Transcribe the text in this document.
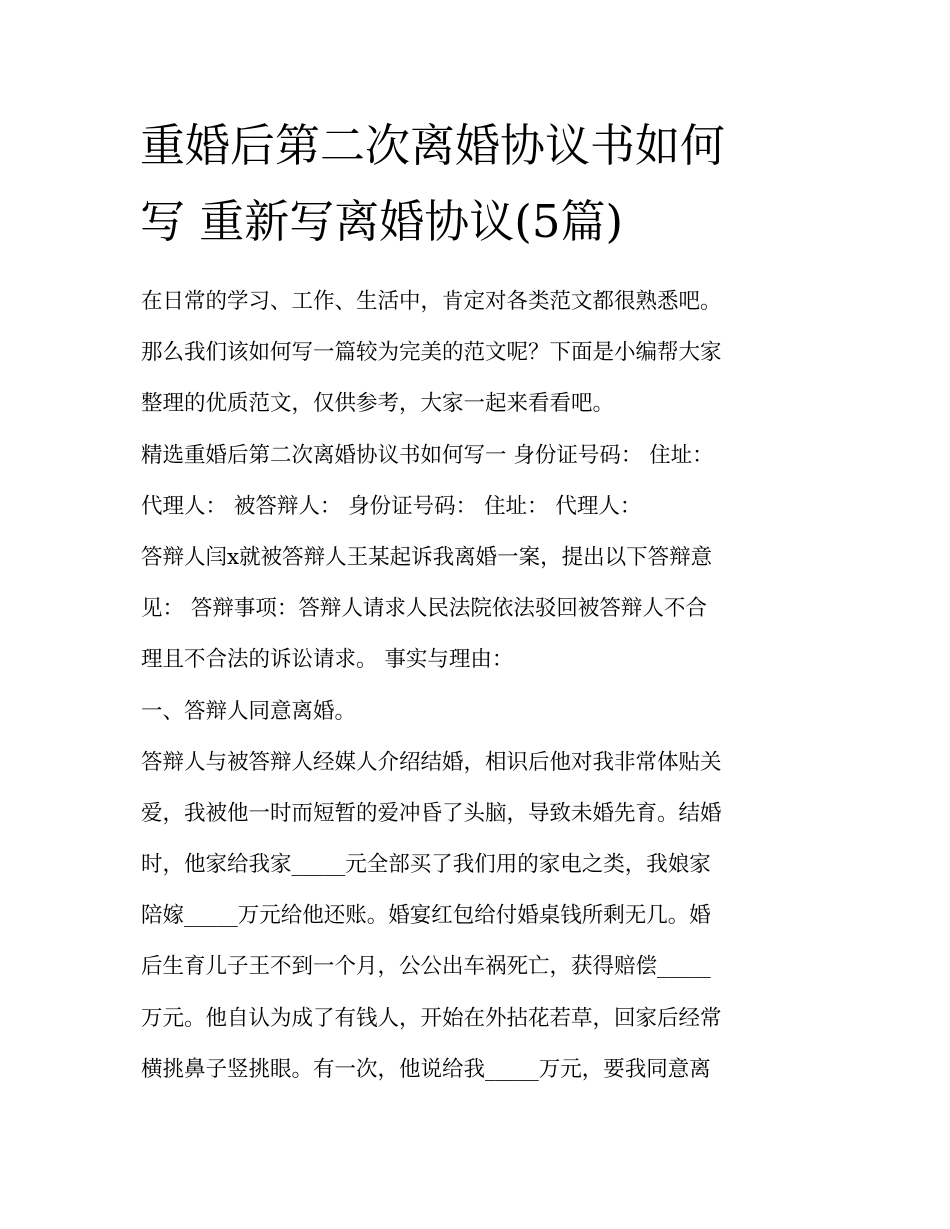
重婚后第二次离婚协议书如何
写 重新写离婚协议(5篇)
在日常的学习、工作、生活中，肯定对各类范文都很熟悉吧。
那么我们该如何写一篇较为完美的范文呢？下面是小编帮大家
整理的优质范文，仅供参考，大家一起来看看吧。
精选重婚后第二次离婚协议书如何写一 身份证号码： 住址：
代理人： 被答辩人： 身份证号码： 住址： 代理人：
答辩人闫x就被答辩人王某起诉我离婚一案，提出以下答辩意
见： 答辩事项：答辩人请求人民法院依法驳回被答辩人不合
理且不合法的诉讼请求。 事实与理由：
一、答辩人同意离婚。
答辩人与被答辩人经媒人介绍结婚，相识后他对我非常体贴关
爱，我被他一时而短暂的爱冲昏了头脑，导致未婚先育。结婚
时，他家给我家_____元全部买了我们用的家电之类，我娘家
陪嫁_____万元给他还账。婚宴红包给付婚桌钱所剩无几。婚
后生育儿子王不到一个月，公公出车祸死亡，获得赔偿_____
万元。他自认为成了有钱人，开始在外拈花若草，回家后经常
横挑鼻子竖挑眼。有一次，他说给我_____万元，要我同意离
